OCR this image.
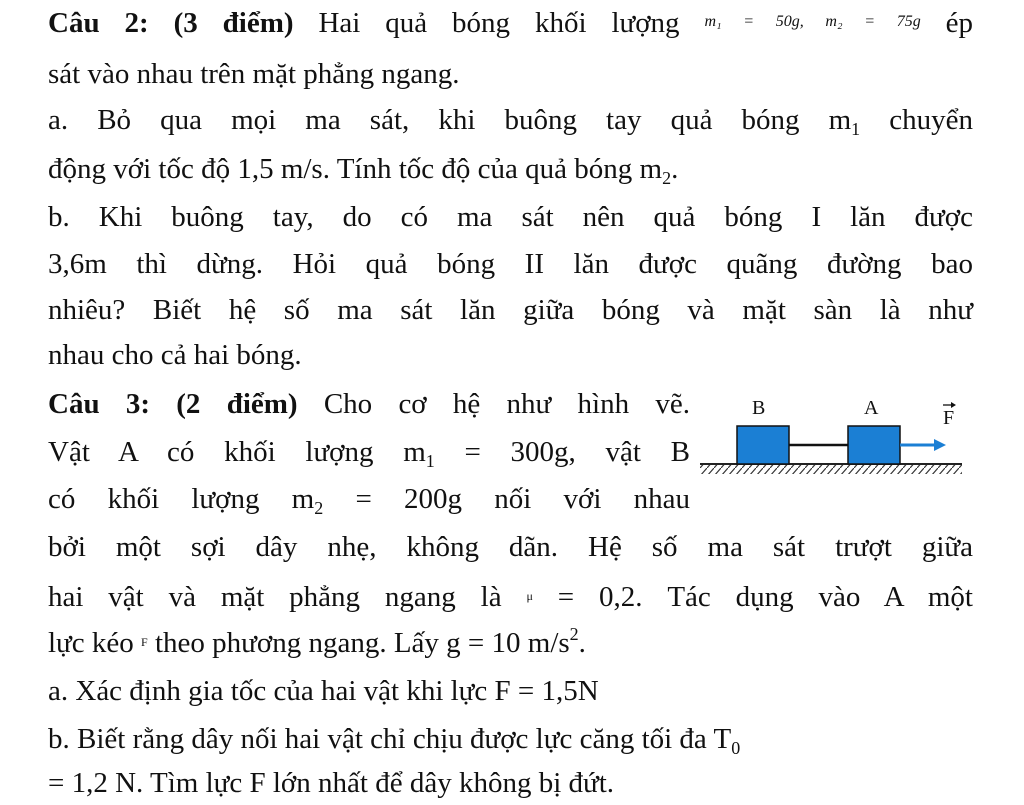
Câu 2: (3 điểm) Hai quả bóng khối lượng $^{m_1 = 50g, m_2 = 75g}$ ép
sát vào nhau trên mặt phẳng ngang.
a. Bỏ qua mọi ma sát, khi buông tay quả bóng $m_1$ chuyển
động với tốc độ 1,5 m/s. Tính tốc độ của quả bóng $m_2$.
b. Khi buông tay, do có ma sát nên quả bóng I lăn được
3,6m thì dừng. Hỏi quả bóng II lăn được quãng đường bao
nhiêu? Biết hệ số ma sát lăn giữa bóng và mặt sàn là như
nhau cho cả hai bóng.
Câu 3: (2 điểm) Cho cơ hệ như hình vẽ.
Vật A có khối lượng $m_1 = 300g$, vật B
có khối lượng $m_2 = 200g$ nối với nhau
bởi một sợi dây nhẹ, không dãn. Hệ số ma sát trượt giữa
hai vật và mặt phẳng ngang là $^\mu$ = 0,2. Tác dụng vào A một
lực kéo $^F$ theo phương ngang. Lấy g = 10 $m/s^2$.
a. Xác định gia tốc của hai vật khi lực F = 1,5N
b. Biết rằng dây nối hai vật chỉ chịu được lực căng tối đa $T_0$
= 1,2 N. Tìm lực F lớn nhất để dây không bị đứt.
B	A	F
